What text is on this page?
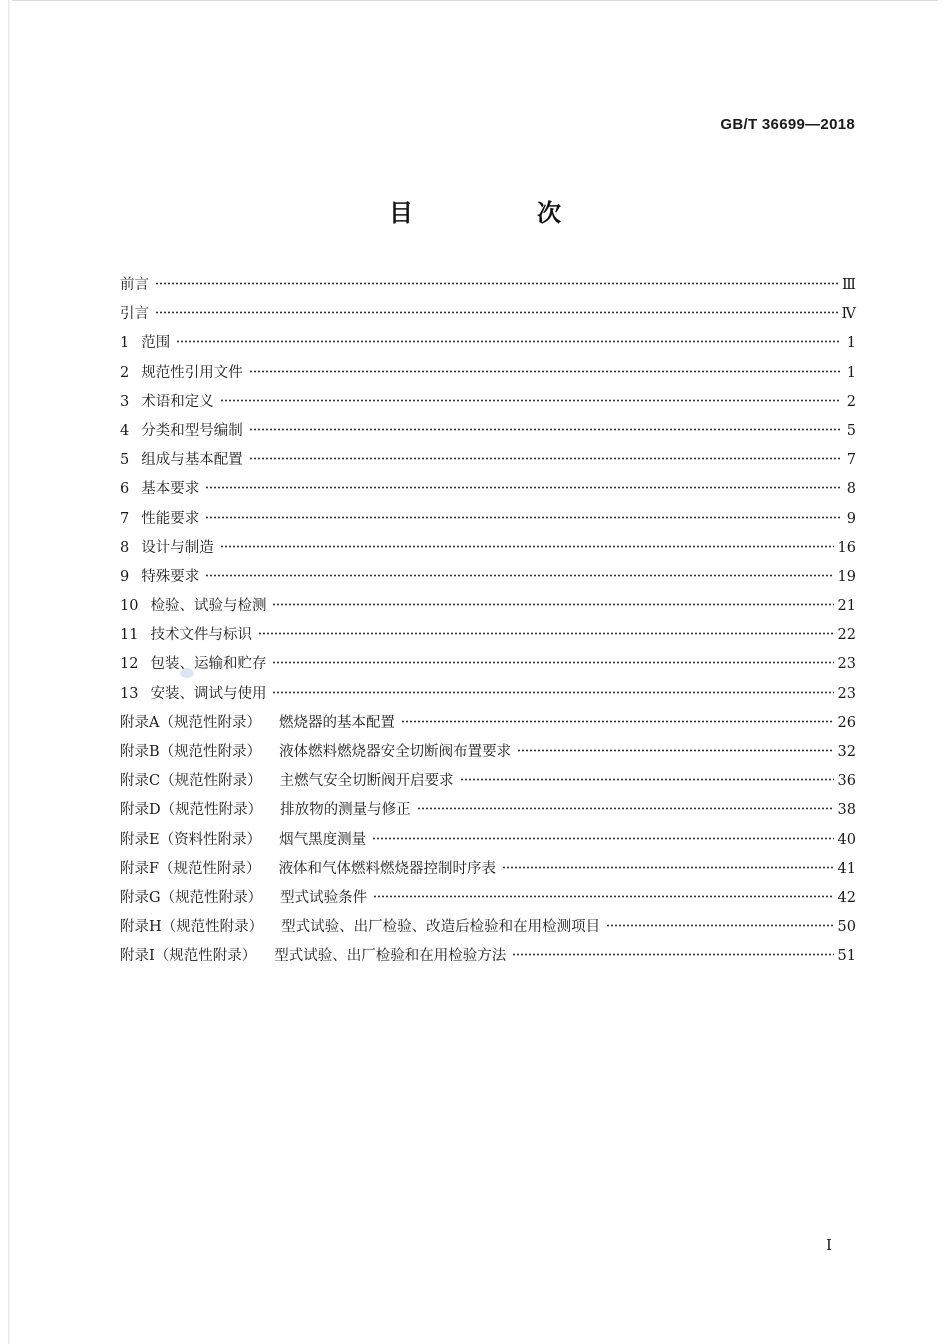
GB/T 36699—2018
目　次
前言	Ⅲ
引言	Ⅳ
1 范围	1
2 规范性引用文件	1
3 术语和定义	2
4 分类和型号编制	5
5 组成与基本配置	7
6 基本要求	8
7 性能要求	9
8 设计与制造	16
9 特殊要求	19
10 检验、试验与检测	21
11 技术文件与标识	22
12 包装、运输和贮存	23
13 安装、调试与使用	23
附录A（规范性附录） 燃烧器的基本配置	26
附录B（规范性附录） 液体燃料燃烧器安全切断阀布置要求	32
附录C（规范性附录） 主燃气安全切断阀开启要求	36
附录D（规范性附录） 排放物的测量与修正	38
附录E（资料性附录） 烟气黑度测量	40
附录F（规范性附录） 液体和气体燃料燃烧器控制时序表	41
附录G（规范性附录） 型式试验条件	42
附录H（规范性附录） 型式试验、出厂检验、改造后检验和在用检测项目	50
附录I（规范性附录） 型式试验、出厂检验和在用检验方法	51
I
